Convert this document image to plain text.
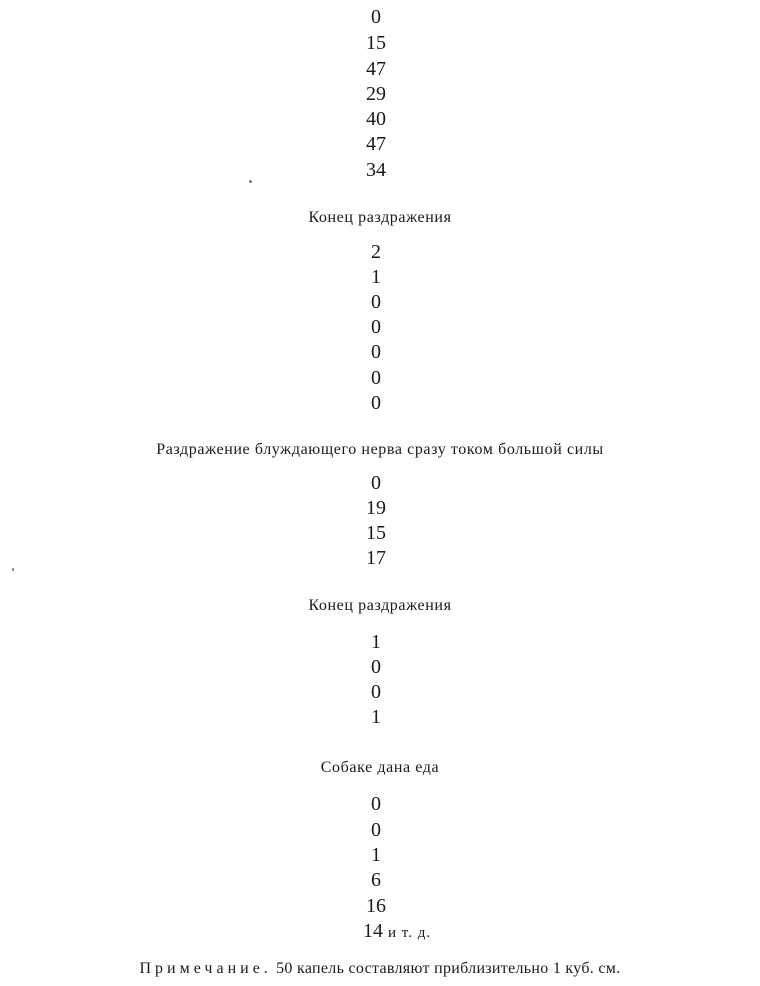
0
15
47
29
40
47
34
Конец раздражения
2
1
0
0
0
0
0
Раздражение блуждающего нерва сразу током большой силы
0
19
15
17
Конец раздражения
1
0
0
1
Собаке дана еда
0
0
1
6
16
14 и т. д.
Примечание. 50 капель составляют приблизительно 1 куб. см.
